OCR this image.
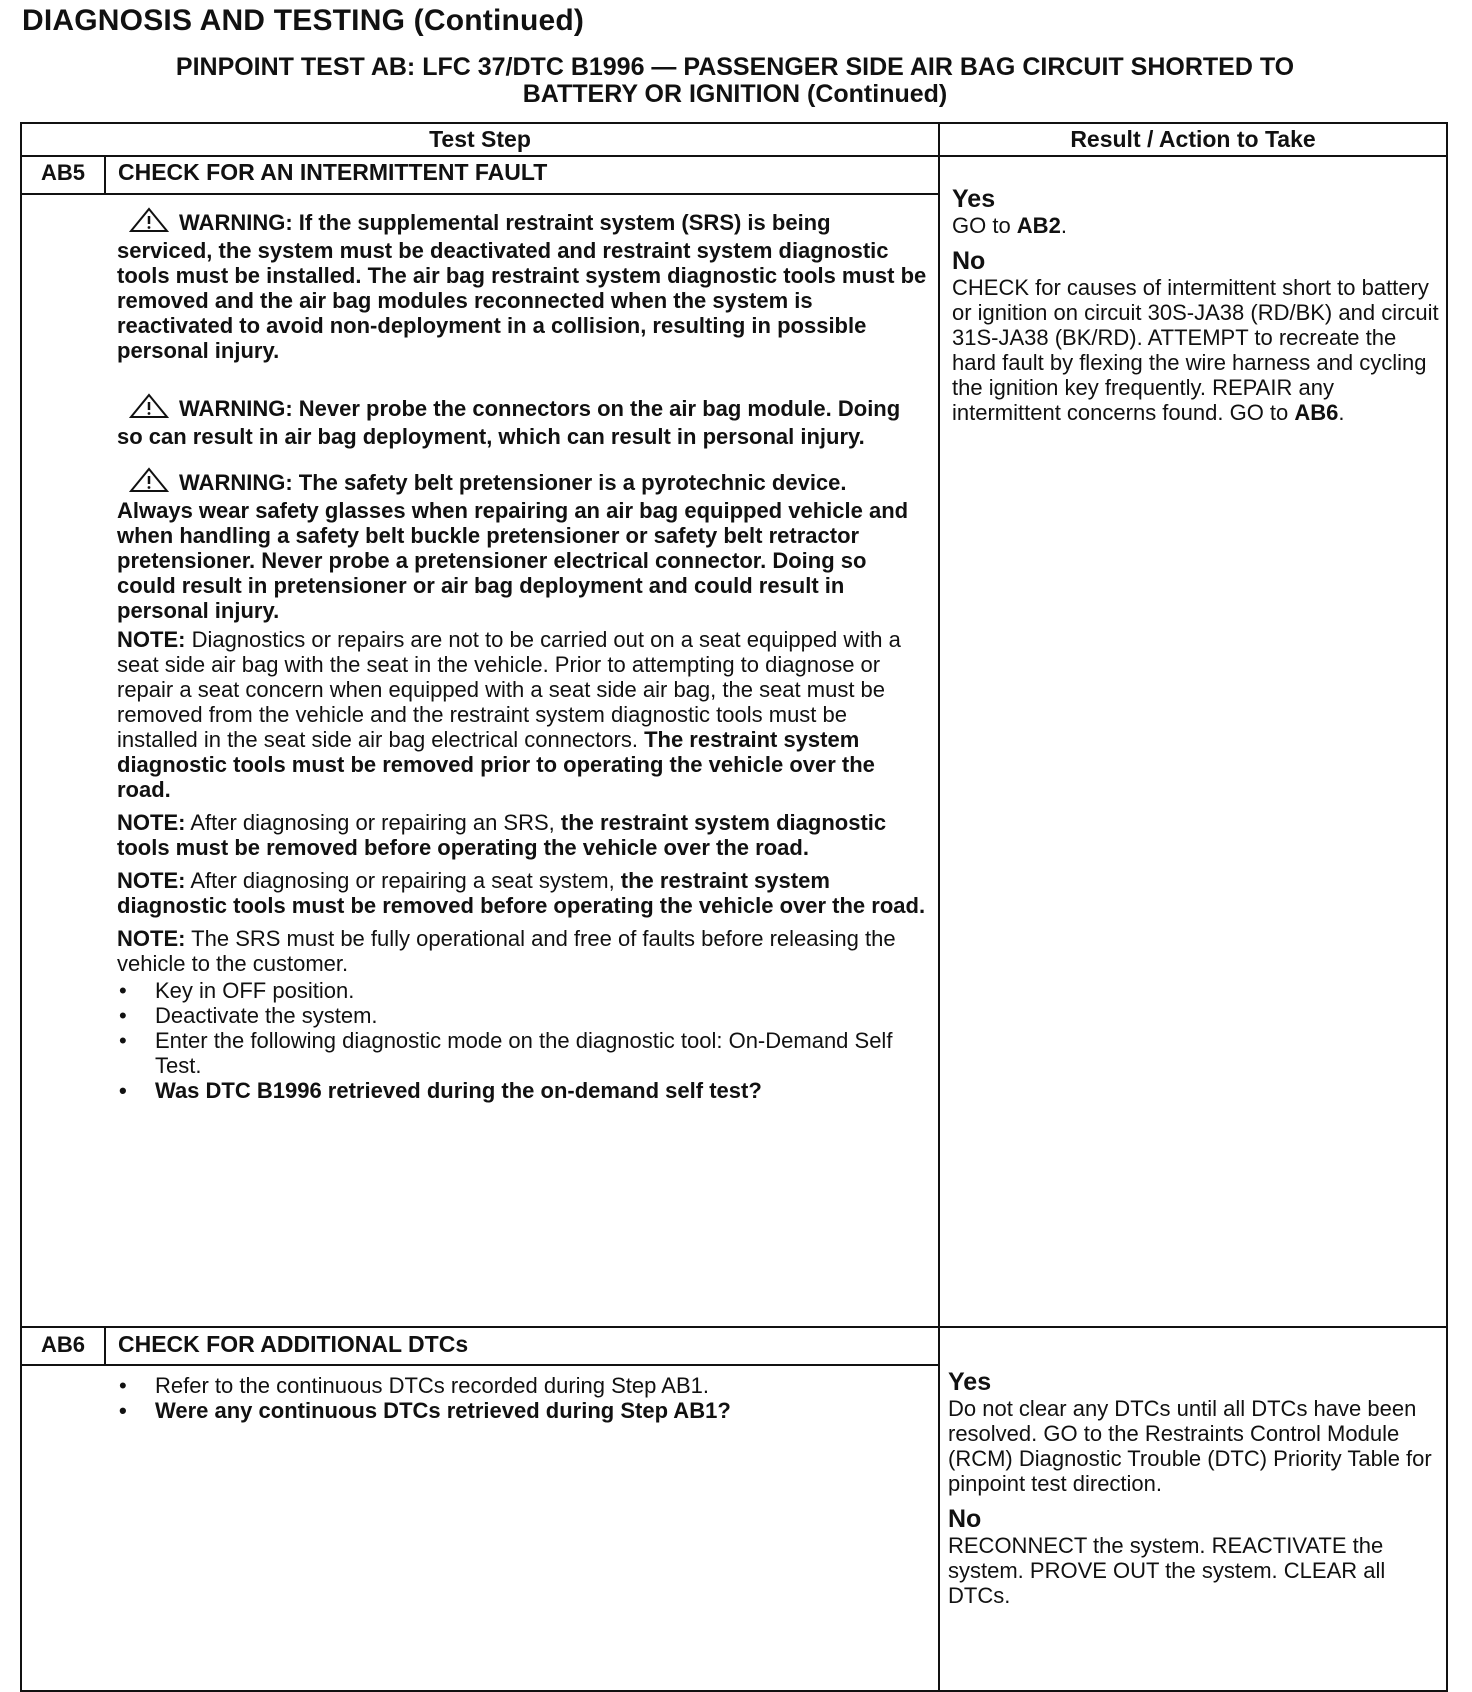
DIAGNOSIS AND TESTING (Continued)
PINPOINT TEST AB: LFC 37/DTC B1996 — PASSENGER SIDE AIR BAG CIRCUIT SHORTED TO
BATTERY OR IGNITION (Continued)
Test Step	Result / Action to Take
AB5	CHECK FOR AN INTERMITTENT FAULT

WARNING: If the supplemental restraint system (SRS) is being serviced, the system must be deactivated and restraint system diagnostic tools must be installed. The air bag restraint system diagnostic tools must be removed and the air bag modules reconnected when the system is reactivated to avoid non-deployment in a collision, resulting in possible personal injury.

WARNING: Never probe the connectors on the air bag module. Doing so can result in air bag deployment, which can result in personal injury.

WARNING: The safety belt pretensioner is a pyrotechnic device. Always wear safety glasses when repairing an air bag equipped vehicle and when handling a safety belt buckle pretensioner or safety belt retractor pretensioner. Never probe a pretensioner electrical connector. Doing so could result in pretensioner or air bag deployment and could result in personal injury.

NOTE: Diagnostics or repairs are not to be carried out on a seat equipped with a seat side air bag with the seat in the vehicle. Prior to attempting to diagnose or repair a seat concern when equipped with a seat side air bag, the seat must be removed from the vehicle and the restraint system diagnostic tools must be installed in the seat side air bag electrical connectors. The restraint system diagnostic tools must be removed prior to operating the vehicle over the road.

NOTE: After diagnosing or repairing an SRS, the restraint system diagnostic tools must be removed before operating the vehicle over the road.

NOTE: After diagnosing or repairing a seat system, the restraint system diagnostic tools must be removed before operating the vehicle over the road.

NOTE: The SRS must be fully operational and free of faults before releasing the vehicle to the customer.

• Key in OFF position.
• Deactivate the system.
• Enter the following diagnostic mode on the diagnostic tool: On-Demand Self Test.
• Was DTC B1996 retrieved during the on-demand self test?
Yes

GO to AB2.

No

CHECK for causes of intermittent short to battery or ignition on circuit 30S-JA38 (RD/BK) and circuit 31S-JA38 (BK/RD). ATTEMPT to recreate the hard fault by flexing the wire harness and cycling the ignition key frequently. REPAIR any intermittent concerns found. GO to AB6.

AB6	CHECK FOR ADDITIONAL DTCs
• Refer to the continuous DTCs recorded during Step AB1.
• Were any continuous DTCs retrieved during Step AB1?
Yes

Do not clear any DTCs until all DTCs have been resolved. GO to the Restraints Control Module (RCM) Diagnostic Trouble (DTC) Priority Table for pinpoint test direction.

No

RECONNECT the system. REACTIVATE the system. PROVE OUT the system. CLEAR all DTCs.
